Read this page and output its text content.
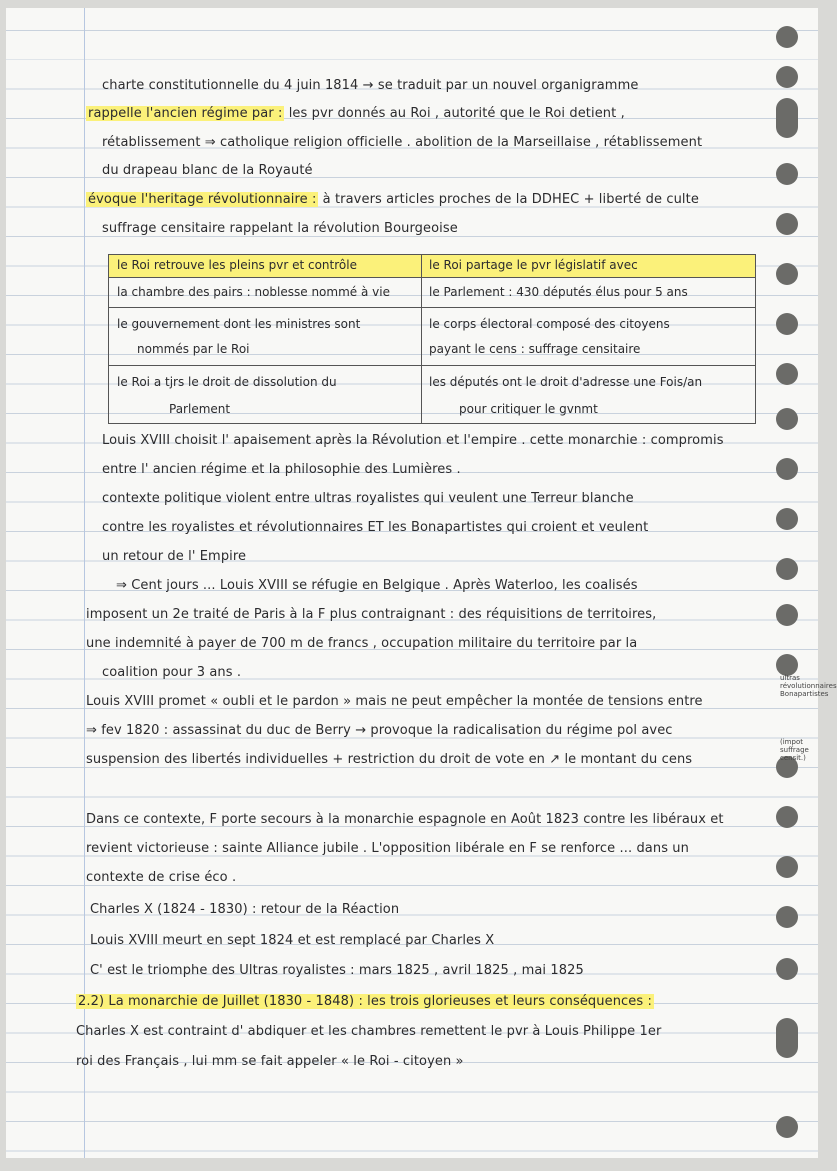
charte constitutionnelle du 4 juin 1814 → se traduit par un nouvel organigramme
rappelle l'ancien régime par : les pvr donnés au Roi , autorité que le Roi detient ,
rétablissement ⇒ catholique religion officielle . abolition de la Marseillaise , rétablissement
du drapeau blanc de la Royauté
évoque l'heritage révolutionnaire : à travers articles proches de la DDHEC + liberté de culte
suffrage censitaire rappelant la révolution Bourgeoise
le Roi retrouve les pleins pvr et contrôle	le Roi partage le pvr législatif avec
la chambre des pairs : noblesse nommé à vie	le Parlement : 430 députés élus pour 5 ans
le gouvernement dont les ministres sont	le corps électoral composé des citoyens
nommés par le Roi	payant le cens : suffrage censitaire
le Roi a tjrs le droit de dissolution du	les députés ont le droit d'adresse une Fois/an
Parlement	pour critiquer le gvnmt
Louis XVIII choisit l' apaisement après la Révolution et l'empire . cette monarchie : compromis
entre l' ancien régime et la philosophie des Lumières .
contexte politique violent entre ultras royalistes qui veulent une Terreur blanche
contre les royalistes et révolutionnaires ET les Bonapartistes qui croient et veulent
un retour de l' Empire
⇒ Cent jours ... Louis XVIII se réfugie en Belgique . Après Waterloo, les coalisés
imposent un 2e traité de Paris à la F plus contraignant : des réquisitions de territoires,
une indemnité à payer de 700 m de francs , occupation militaire du territoire par la
coalition pour 3 ans .
Louis XVIII promet « oubli et le pardon » mais ne peut empêcher la montée de tensions entre
⇒ fev 1820 : assassinat du duc de Berry → provoque la radicalisation du régime pol avec
suspension des libertés individuelles + restriction du droit de vote en ↗ le montant du cens
ultras
révolutionnaires
Bonapartistes
(impot
suffrage
censit.)
Dans ce contexte, F porte secours à la monarchie espagnole en Août 1823 contre les libéraux et
revient victorieuse : sainte Alliance jubile . L'opposition libérale en F se renforce ... dans un
contexte de crise éco .
Charles X (1824 - 1830) : retour de la Réaction
Louis XVIII meurt en sept 1824 et est remplacé par Charles X
C' est le triomphe des Ultras royalistes : mars 1825 , avril 1825 , mai 1825
2.2) La monarchie de Juillet (1830 - 1848) : les trois glorieuses et leurs conséquences :
Charles X est contraint d' abdiquer et les chambres remettent le pvr à Louis Philippe 1er
roi des Français , lui mm se fait appeler « le Roi - citoyen »
